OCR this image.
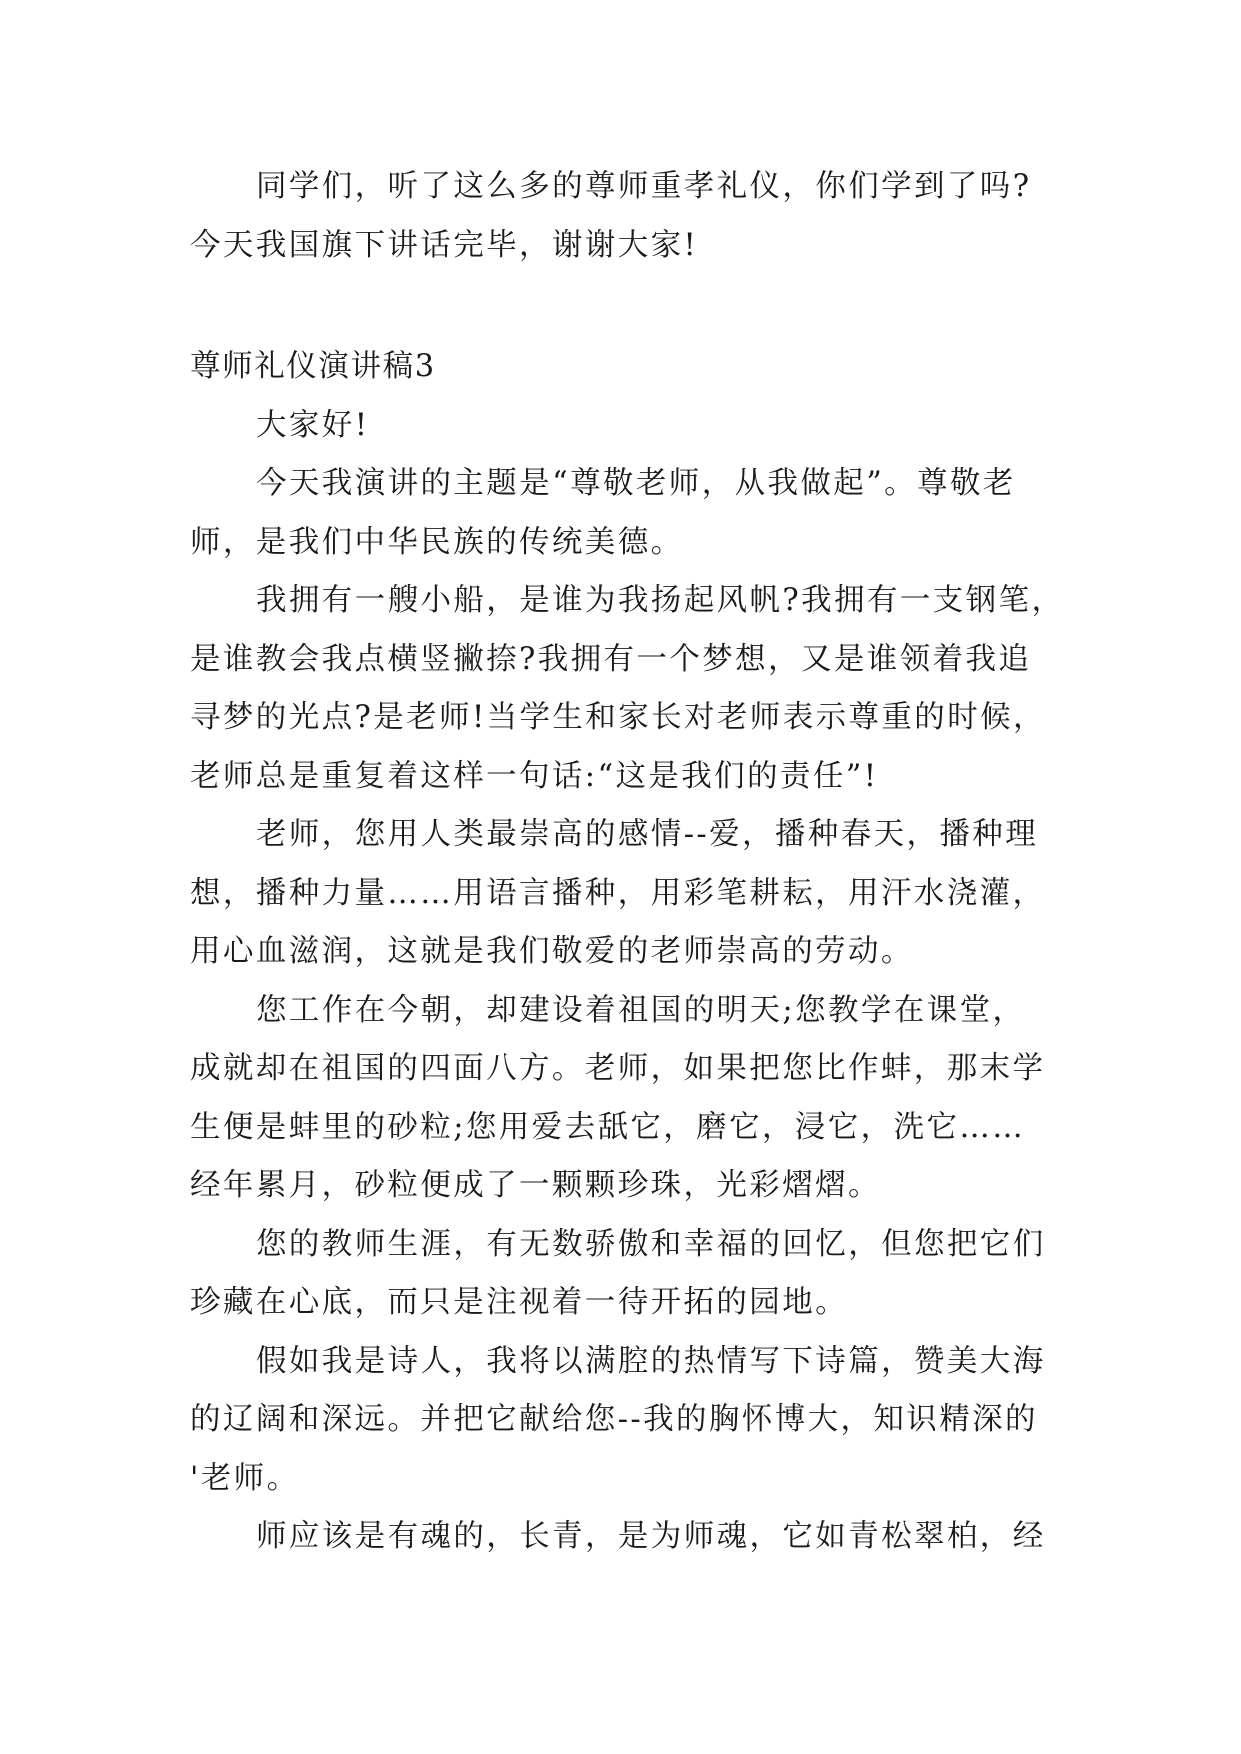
同学们，听了这么多的尊师重孝礼仪，你们学到了吗?
今天我国旗下讲话完毕，谢谢大家!
尊师礼仪演讲稿3
大家好!
今天我演讲的主题是“尊敬老师，从我做起”。尊敬老
师，是我们中华民族的传统美德。
我拥有一艘小船，是谁为我扬起风帆?我拥有一支钢笔，
是谁教会我点横竖撇捺?我拥有一个梦想，又是谁领着我追
寻梦的光点?是老师!当学生和家长对老师表示尊重的时候，
老师总是重复着这样一句话:“这是我们的责任”!
老师，您用人类最崇高的感情--爱，播种春天，播种理
想，播种力量……用语言播种，用彩笔耕耘，用汗水浇灌，
用心血滋润，这就是我们敬爱的老师崇高的劳动。
您工作在今朝，却建设着祖国的明天;您教学在课堂，
成就却在祖国的四面八方。老师，如果把您比作蚌，那末学
生便是蚌里的砂粒;您用爱去舐它，磨它，浸它，洗它……
经年累月，砂粒便成了一颗颗珍珠，光彩熠熠。
您的教师生涯，有无数骄傲和幸福的回忆，但您把它们
珍藏在心底，而只是注视着一待开拓的园地。
假如我是诗人，我将以满腔的热情写下诗篇，赞美大海
的辽阔和深远。并把它献给您--我的胸怀博大，知识精深的
'老师。
师应该是有魂的，长青，是为师魂，它如青松翠柏，经
